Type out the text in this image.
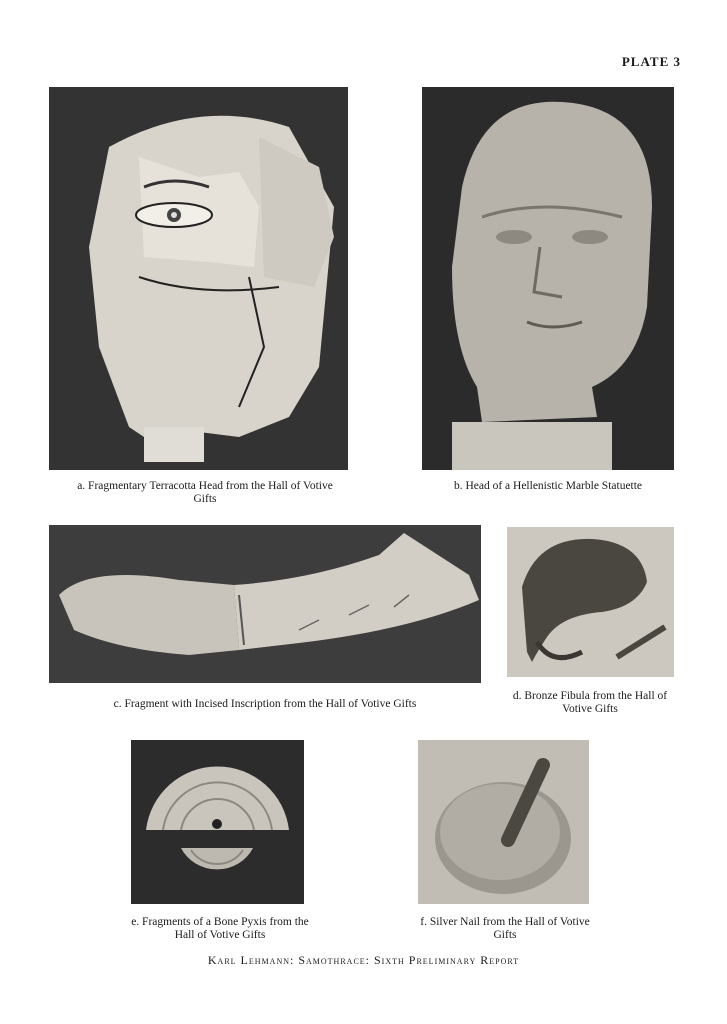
PLATE 3
a. Fragmentary Terracotta Head from the Hall of Votive Gifts
b. Head of a Hellenistic Marble Statuette
c. Fragment with Incised Inscription from the Hall of Votive Gifts
d. Bronze Fibula from the Hall of Votive Gifts
e. Fragments of a Bone Pyxis from the Hall of Votive Gifts
f. Silver Nail from the Hall of Votive Gifts
Karl Lehmann: Samothrace: Sixth Preliminary Report
